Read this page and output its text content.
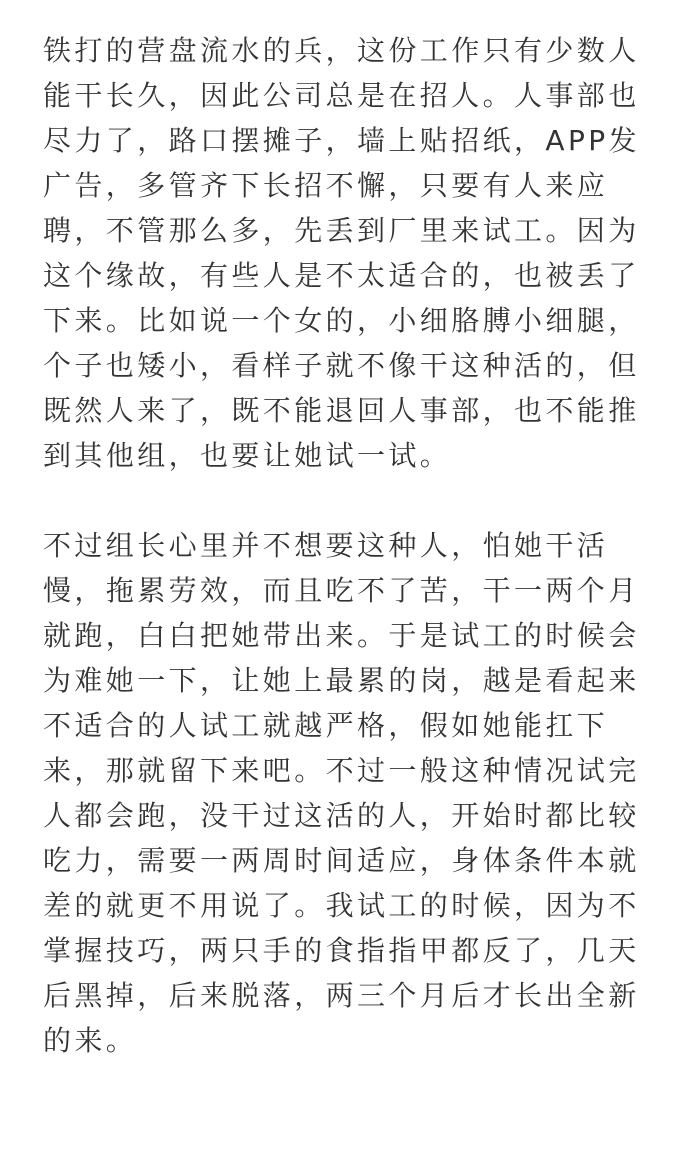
铁打的营盘流水的兵，这份工作只有少数人
能干长久，因此公司总是在招人。人事部也
尽力了，路口摆摊子，墙上贴招纸，APP发
广告，多管齐下长招不懈，只要有人来应
聘，不管那么多，先丢到厂里来试工。因为
这个缘故，有些人是不太适合的，也被丢了
下来。比如说一个女的，小细胳膊小细腿，
个子也矮小，看样子就不像干这种活的，但
既然人来了，既不能退回人事部，也不能推
到其他组，也要让她试一试。

不过组长心里并不想要这种人，怕她干活
慢，拖累劳效，而且吃不了苦，干一两个月
就跑，白白把她带出来。于是试工的时候会
为难她一下，让她上最累的岗，越是看起来
不适合的人试工就越严格，假如她能扛下
来，那就留下来吧。不过一般这种情况试完
人都会跑，没干过这活的人，开始时都比较
吃力，需要一两周时间适应，身体条件本就
差的就更不用说了。我试工的时候，因为不
掌握技巧，两只手的食指指甲都反了，几天
后黑掉，后来脱落，两三个月后才长出全新
的来。
